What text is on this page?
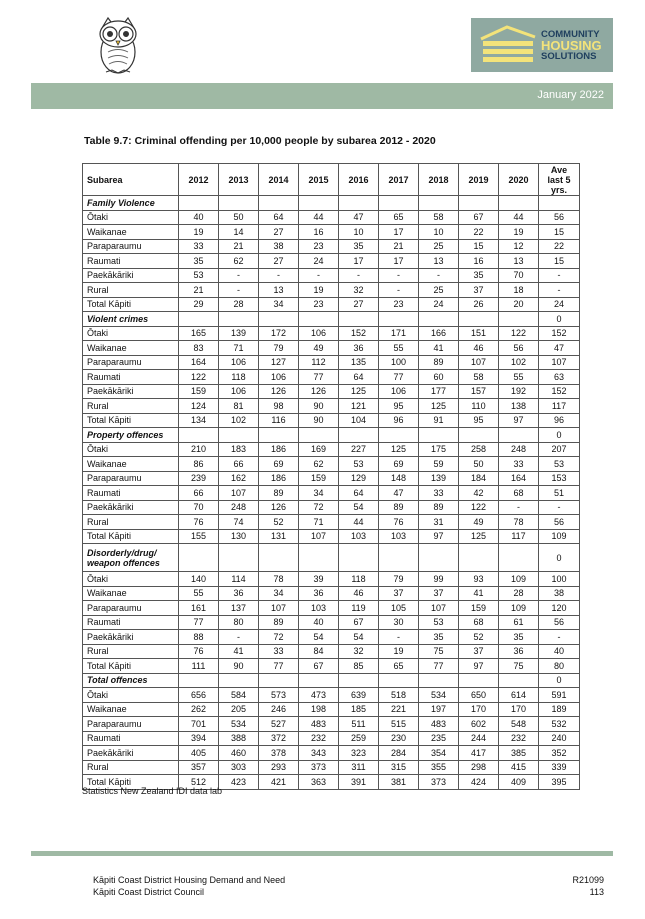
COMMUNITY
HOUSING
SOLUTIONS
January 2022
Table 9.7: Criminal offending per 10,000 people by subarea 2012 - 2020
Subarea	2012	2013	2014	2015	2016	2017	2018	2019	2020	Ave last 5 yrs.
Family Violence										
Ōtaki	40	50	64	44	47	65	58	67	44	56
Waikanae	19	14	27	16	10	17	10	22	19	15
Paraparaumu	33	21	38	23	35	21	25	15	12	22
Raumati	35	62	27	24	17	17	13	16	13	15
Paekākāriki	53	-	-	-	-	-	-	35	70	-
Rural	21	-	13	19	32	-	25	37	18	-
Total Kāpiti	29	28	34	23	27	23	24	26	20	24
Violent crimes										0
Ōtaki	165	139	172	106	152	171	166	151	122	152
Waikanae	83	71	79	49	36	55	41	46	56	47
Paraparaumu	164	106	127	112	135	100	89	107	102	107
Raumati	122	118	106	77	64	77	60	58	55	63
Paekākāriki	159	106	126	126	125	106	177	157	192	152
Rural	124	81	98	90	121	95	125	110	138	117
Total Kāpiti	134	102	116	90	104	96	91	95	97	96
Property offences										0
Ōtaki	210	183	186	169	227	125	175	258	248	207
Waikanae	86	66	69	62	53	69	59	50	33	53
Paraparaumu	239	162	186	159	129	148	139	184	164	153
Raumati	66	107	89	34	64	47	33	42	68	51
Paekākāriki	70	248	126	72	54	89	89	122	-	-
Rural	76	74	52	71	44	76	31	49	78	56
Total Kāpiti	155	130	131	107	103	103	97	125	117	109
Disorderly/drug/ weapon offences										0
Ōtaki	140	114	78	39	118	79	99	93	109	100
Waikanae	55	36	34	36	46	37	37	41	28	38
Paraparaumu	161	137	107	103	119	105	107	159	109	120
Raumati	77	80	89	40	67	30	53	68	61	56
Paekākāriki	88	-	72	54	54	-	35	52	35	-
Rural	76	41	33	84	32	19	75	37	36	40
Total Kāpiti	111	90	77	67	85	65	77	97	75	80
Total offences										0
Ōtaki	656	584	573	473	639	518	534	650	614	591
Waikanae	262	205	246	198	185	221	197	170	170	189
Paraparaumu	701	534	527	483	511	515	483	602	548	532
Raumati	394	388	372	232	259	230	235	244	232	240
Paekākāriki	405	460	378	343	323	284	354	417	385	352
Rural	357	303	293	373	311	315	355	298	415	339
Total Kāpiti	512	423	421	363	391	381	373	424	409	395
Statistics New Zealand IDI data lab
Kāpiti Coast District Housing Demand and Need
Kāpiti Coast District Council
R21099
113
